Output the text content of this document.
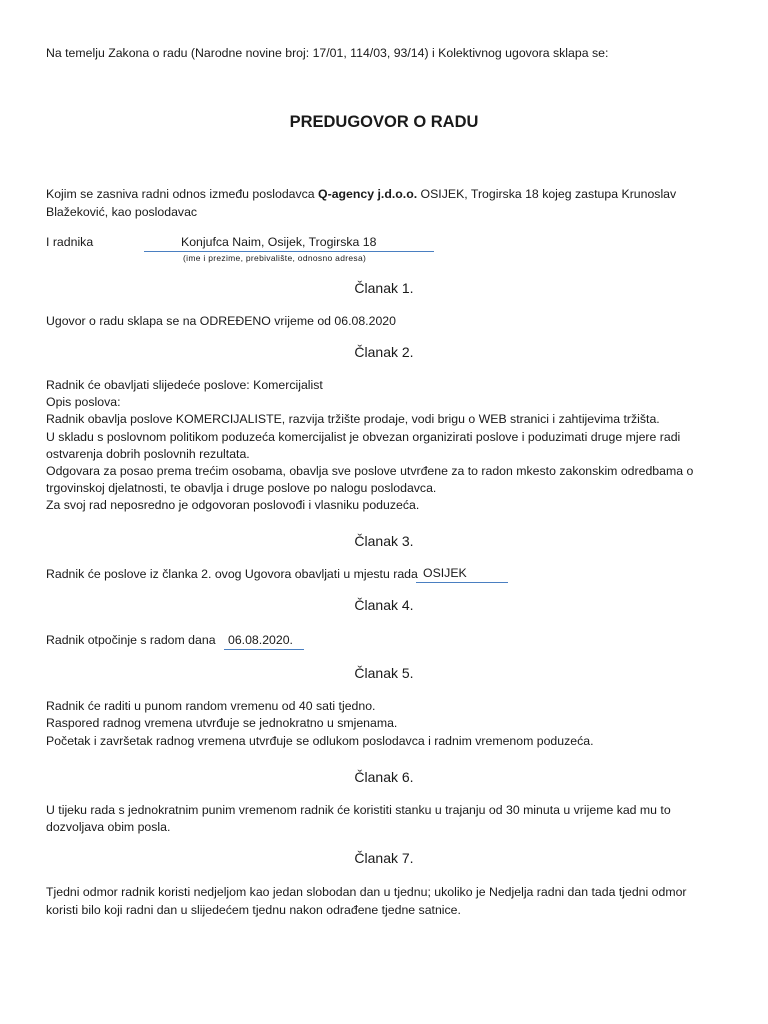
Na temelju Zakona o radu (Narodne novine broj: 17/01, 114/03, 93/14) i Kolektivnog ugovora sklapa se:
PREDUGOVOR O RADU
Kojim se zasniva radni odnos između poslodavca Q-agency j.d.o.o. OSIJEK, Trogirska 18 kojeg zastupa Krunoslav
Blažeković, kao poslodavac
I radnika	Konjufca Naim, Osijek, Trogirska 18
(ime i prezime, prebivalište, odnosno adresa)
Članak 1.
Ugovor o radu sklapa se na ODREĐENO vrijeme od 06.08.2020
Članak 2.
Radnik će obavljati slijedeće poslove: Komercijalist
Opis poslova:
Radnik obavlja poslove KOMERCIJALISTE, razvija tržište prodaje, vodi brigu o WEB stranici i zahtijevima tržišta.
U skladu s poslovnom politikom poduzeća komercijalist je obvezan organizirati poslove i poduzimati druge mjere radi
ostvarenja dobrih poslovnih rezultata.
Odgovara za posao prema trećim osobama, obavlja sve poslove utvrđene za to radon mkesto zakonskim odredbama o
trgovinskoj djelatnosti, te obavlja i druge poslove po nalogu poslodavca.
Za svoj rad neposredno je odgovoran poslovođi i vlasniku poduzeća.
Članak 3.
Radnik će poslove iz članka 2. ovog Ugovora obavljati u mjestu rada OSIJEK
Članak 4.
Radnik otpočinje s radom dana	06.08.2020.
Članak 5.
Radnik će raditi u punom random vremenu od 40 sati tjedno.
Raspored radnog vremena utvrđuje se jednokratno u smjenama.
Početak i završetak radnog vremena utvrđuje se odlukom poslodavca i radnim vremenom poduzeća.
Članak 6.
U tijeku rada s jednokratnim punim vremenom radnik će koristiti stanku u trajanju od 30 minuta u vrijeme kad mu to
dozvoljava obim posla.
Članak 7.
Tjedni odmor radnik koristi nedjeljom kao jedan slobodan dan u tjednu; ukoliko je Nedjelja radni dan tada tjedni odmor
koristi bilo koji radni dan u slijedećem tjednu nakon odrađene tjedne satnice.
